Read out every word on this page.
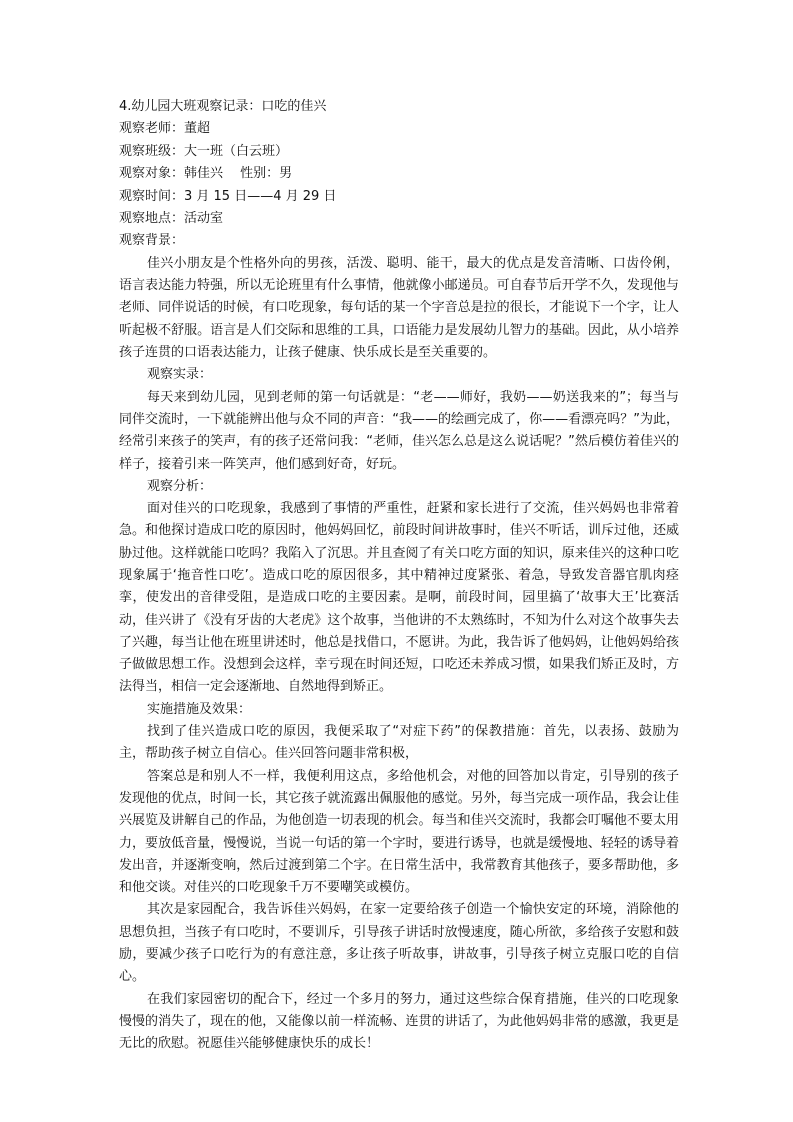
4.幼儿园大班观察记录：口吃的佳兴

观察老师：董超

观察班级：大一班（白云班）

观察对象：韩佳兴　 性别：男

观察时间：3 月 15 日——4 月 29 日

观察地点：活动室

观察背景：

佳兴小朋友是个性格外向的男孩，活泼、聪明、能干，最大的优点是发音清晰、口齿伶俐，语言表达能力特强，所以无论班里有什么事情，他就像小邮递员。可自春节后开学不久，发现他与老师、同伴说话的时候，有口吃现象，每句话的某一个字音总是拉的很长，才能说下一个字，让人听起极不舒服。语言是人们交际和思维的工具，口语能力是发展幼儿智力的基础。因此，从小培养孩子连贯的口语表达能力，让孩子健康、快乐成长是至关重要的。

观察实录：

每天来到幼儿园，见到老师的第一句话就是：“老——师好，我奶——奶送我来的”；每当与同伴交流时，一下就能辨出他与众不同的声音：“我——的绘画完成了，你——看漂亮吗？”为此，经常引来孩子的笑声，有的孩子还常问我：“老师，佳兴怎么总是这么说话呢？”然后模仿着佳兴的样子，接着引来一阵笑声，他们感到好奇，好玩。

观察分析：

面对佳兴的口吃现象，我感到了事情的严重性，赶紧和家长进行了交流，佳兴妈妈也非常着急。和他探讨造成口吃的原因时，他妈妈回忆，前段时间讲故事时，佳兴不听话，训斥过他，还威胁过他。这样就能口吃吗？我陷入了沉思。并且查阅了有关口吃方面的知识，原来佳兴的这种口吃现象属于‘拖音性口吃’。造成口吃的原因很多，其中精神过度紧张、着急，导致发音器官肌肉痉挛，使发出的音律受阻，是造成口吃的主要因素。是啊，前段时间，园里搞了‘故事大王’比赛活动，佳兴讲了《没有牙齿的大老虎》这个故事，当他讲的不太熟练时，不知为什么对这个故事失去了兴趣，每当让他在班里讲述时，他总是找借口，不愿讲。为此，我告诉了他妈妈，让他妈妈给孩子做做思想工作。没想到会这样，幸亏现在时间还短，口吃还未养成习惯，如果我们矫正及时，方法得当，相信一定会逐渐地、自然地得到矫正。

实施措施及效果：

找到了佳兴造成口吃的原因，我便采取了“对症下药”的保教措施：首先，以表扬、鼓励为主，帮助孩子树立自信心。佳兴回答问题非常积极，

答案总是和别人不一样，我便利用这点，多给他机会，对他的回答加以肯定，引导别的孩子发现他的优点，时间一长，其它孩子就流露出佩服他的感觉。另外，每当完成一项作品，我会让佳兴展览及讲解自己的作品，为他创造一切表现的机会。每当和佳兴交流时，我都会叮嘱他不要太用力，要放低音量，慢慢说，当说一句话的第一个字时，要进行诱导，也就是缓慢地、轻轻的诱导着发出音，并逐渐变响，然后过渡到第二个字。在日常生活中，我常教育其他孩子，要多帮助他，多和他交谈。对佳兴的口吃现象千万不要嘲笑或模仿。

其次是家园配合，我告诉佳兴妈妈，在家一定要给孩子创造一个愉快安定的环境，消除他的思想负担，当孩子有口吃时，不要训斥，引导孩子讲话时放慢速度，随心所欲，多给孩子安慰和鼓励，要减少孩子口吃行为的有意注意，多让孩子听故事，讲故事，引导孩子树立克服口吃的自信心。

在我们家园密切的配合下，经过一个多月的努力，通过这些综合保育措施，佳兴的口吃现象慢慢的消失了，现在的他，又能像以前一样流畅、连贯的讲话了，为此他妈妈非常的感激，我更是无比的欣慰。祝愿佳兴能够健康快乐的成长！
